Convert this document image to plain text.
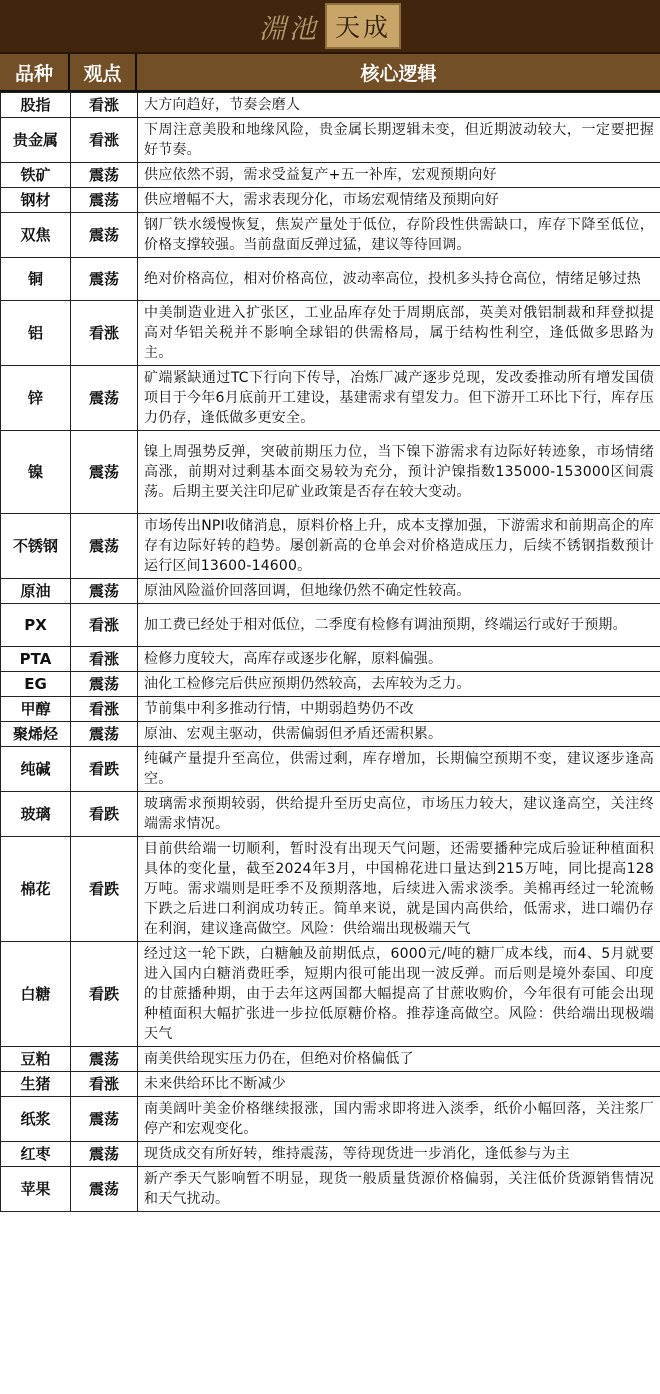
淵池 天成
品种	观点	核心逻辑
股指	看涨	大方向趋好，节奏会磨人
贵金属	看涨	下周注意美股和地缘风险，贵金属长期逻辑未变，但近期波动较大，一定要把握好节奏。
铁矿	震荡	供应依然不弱，需求受益复产+五一补库，宏观预期向好
钢材	震荡	供应增幅不大，需求表现分化，市场宏观情绪及预期向好
双焦	震荡	钢厂铁水缓慢恢复，焦炭产量处于低位，存阶段性供需缺口，库存下降至低位，价格支撑较强。当前盘面反弹过猛，建议等待回调。
铜	震荡	绝对价格高位，相对价格高位，波动率高位，投机多头持仓高位，情绪足够过热
铝	看涨	中美制造业进入扩张区，工业品库存处于周期底部，英美对俄铝制裁和拜登拟提高对华铝关税并不影响全球铝的供需格局，属于结构性利空，逢低做多思路为主。
锌	震荡	矿端紧缺通过TC下行向下传导，冶炼厂减产逐步兑现，发改委推动所有增发国债项目于今年6月底前开工建设，基建需求有望发力。但下游开工环比下行，库存压力仍存，逢低做多更安全。
镍	震荡	镍上周强势反弹，突破前期压力位，当下镍下游需求有边际好转迹象，市场情绪高涨，前期对过剩基本面交易较为充分，预计沪镍指数135000-153000区间震荡。后期主要关注印尼矿业政策是否存在较大变动。
不锈钢	震荡	市场传出NPI收储消息，原料价格上升，成本支撑加强，下游需求和前期高企的库存有边际好转的趋势。屡创新高的仓单会对价格造成压力，后续不锈钢指数预计运行区间13600-14600。
原油	震荡	原油风险溢价回落回调，但地缘仍然不确定性较高。
PX	看涨	加工费已经处于相对低位，二季度有检修有调油预期，终端运行或好于预期。
PTA	看涨	检修力度较大，高库存或逐步化解，原料偏强。
EG	震荡	油化工检修完后供应预期仍然较高，去库较为乏力。
甲醇	看涨	节前集中利多推动行情，中期弱趋势仍不改
聚烯烃	震荡	原油、宏观主驱动，供需偏弱但矛盾还需积累。
纯碱	看跌	纯碱产量提升至高位，供需过剩，库存增加，长期偏空预期不变，建议逐步逢高空。
玻璃	看跌	玻璃需求预期较弱，供给提升至历史高位，市场压力较大，建议逢高空，关注终端需求情况。
棉花	看跌	目前供给端一切顺利，暂时没有出现天气问题，还需要播种完成后验证种植面积具体的变化量，截至2024年3月，中国棉花进口量达到215万吨，同比提高128万吨。需求端则是旺季不及预期落地，后续进入需求淡季。美棉再经过一轮流畅下跌之后进口利润成功转正。简单来说，就是国内高供给，低需求，进口端仍存在利润，建议逢高做空。风险：供给端出现极端天气
白糖	看跌	经过这一轮下跌，白糖触及前期低点，6000元/吨的糖厂成本线，而4、5月就要进入国内白糖消费旺季，短期内很可能出现一波反弹。而后则是境外泰国、印度的甘蔗播种期，由于去年这两国都大幅提高了甘蔗收购价，今年很有可能会出现种植面积大幅扩张进一步拉低原糖价格。推荐逢高做空。风险：供给端出现极端天气
豆粕	震荡	南美供给现实压力仍在，但绝对价格偏低了
生猪	看涨	未来供给环比不断减少
纸浆	震荡	南美阔叶美金价格继续报涨，国内需求即将进入淡季，纸价小幅回落，关注浆厂停产和宏观变化。
红枣	震荡	现货成交有所好转，维持震荡，等待现货进一步消化，逢低参与为主
苹果	震荡	新产季天气影响暂不明显，现货一般质量货源价格偏弱，关注低价货源销售情况和天气扰动。
